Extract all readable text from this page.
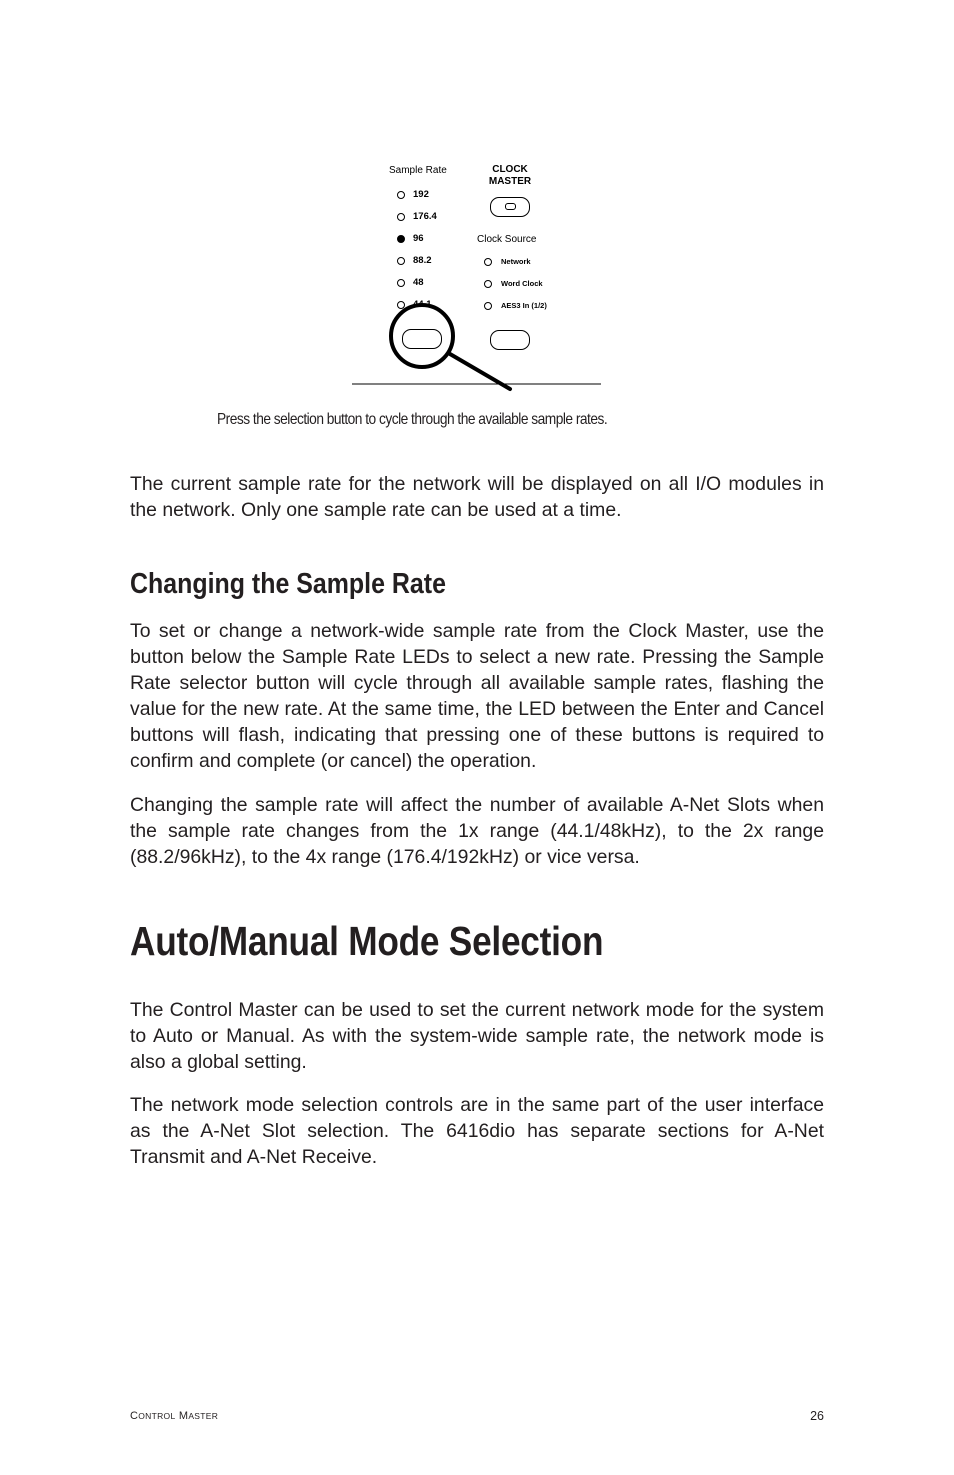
Sample Rate
192
176.4
96
88.2
48
44.1
CLOCK
MASTER
Clock Source
Network
Word Clock
AES3 In (1/2)
Press the selection button to cycle through the available sample rates.

The current sample rate for the network will be displayed on all I/O modules in the network. Only one sample rate can be used at a time.

Changing the Sample Rate

To set or change a network-wide sample rate from the Clock Master, use the button below the Sample Rate LEDs to select a new rate. Pressing the Sample Rate selector button will cycle through all available sample rates, flashing the value for the new rate. At the same time, the LED between the Enter and Cancel buttons will flash, indicating that pressing one of these buttons is required to confirm and complete (or cancel) the operation.

Changing the sample rate will affect the number of available A-Net Slots when the sample rate changes from the 1x range (44.1/48kHz), to the 2x range (88.2/96kHz), to the 4x range (176.4/192kHz) or vice versa.

Auto/Manual Mode Selection

The Control Master can be used to set the current network mode for the system to Auto or Manual. As with the system-wide sample rate, the network mode is also a global setting.

The network mode selection controls are in the same part of the user interface as the A-Net Slot selection. The 6416dio has separate sections for A-Net Transmit and A-Net Receive.

CONTROL MASTER	26
